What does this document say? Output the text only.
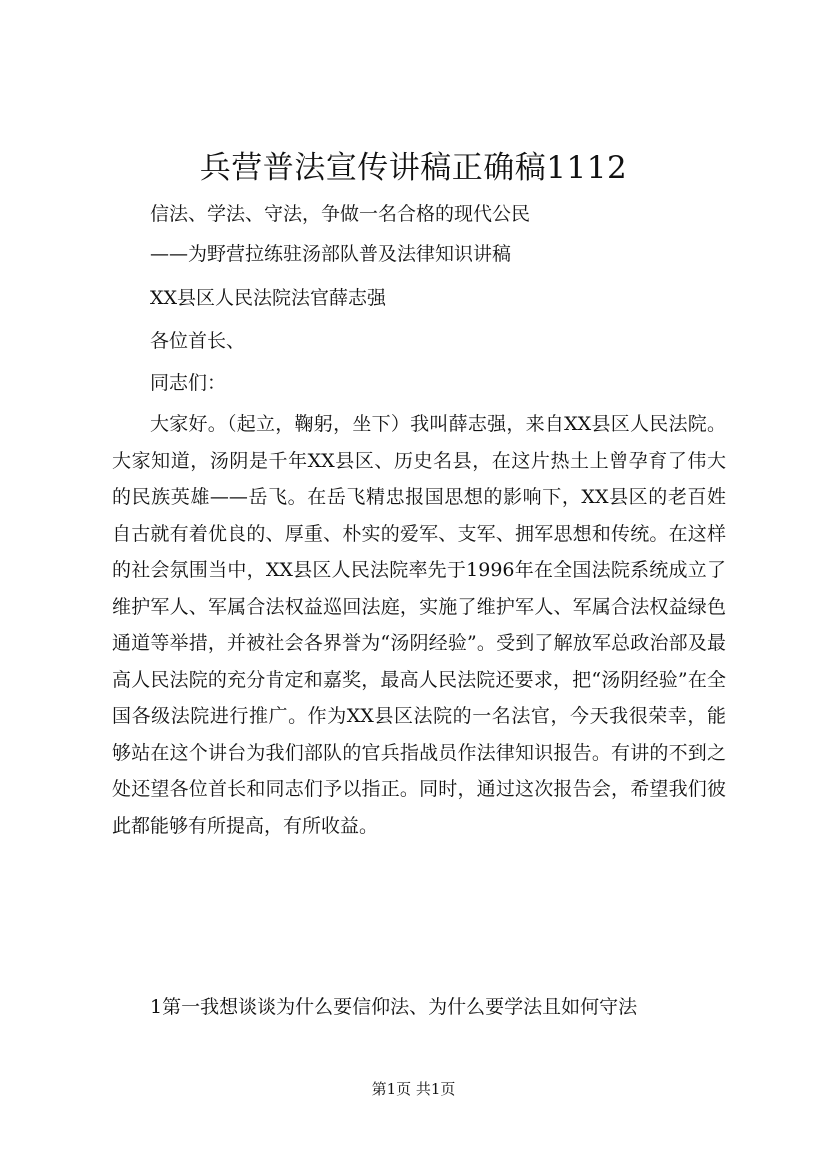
兵营普法宣传讲稿正确稿1112
信法、学法、守法，争做一名合格的现代公民
——为野营拉练驻汤部队普及法律知识讲稿
XX县区人民法院法官薛志强
各位首长、
同志们：
大家好。（起立，鞠躬，坐下）我叫薛志强，来自XX县区人民法院。大家知道，汤阴是千年XX县区、历史名县，在这片热土上曾孕育了伟大的民族英雄——岳飞。在岳飞精忠报国思想的影响下，XX县区的老百姓自古就有着优良的、厚重、朴实的爱军、支军、拥军思想和传统。在这样的社会氛围当中，XX县区人民法院率先于1996年在全国法院系统成立了维护军人、军属合法权益巡回法庭，实施了维护军人、军属合法权益绿色通道等举措，并被社会各界誉为“汤阴经验”。受到了解放军总政治部及最高人民法院的充分肯定和嘉奖，最高人民法院还要求，把“汤阴经验”在全国各级法院进行推广。作为XX县区法院的一名法官，今天我很荣幸，能够站在这个讲台为我们部队的官兵指战员作法律知识报告。有讲的不到之处还望各位首长和同志们予以指正。同时，通过这次报告会，希望我们彼此都能够有所提高，有所收益。
1第一我想谈谈为什么要信仰法、为什么要学法且如何守法
第1页 共1页
